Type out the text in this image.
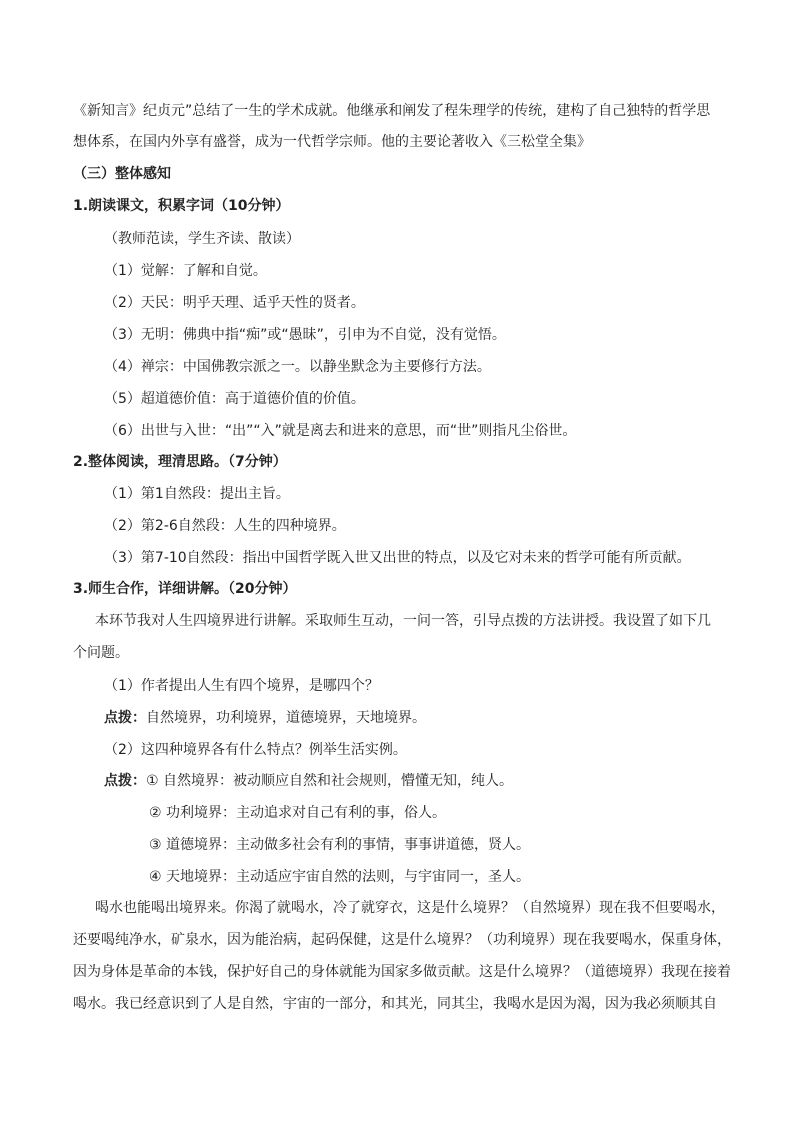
《新知言》纪贞元”总结了一生的学术成就。他继承和阐发了程朱理学的传统，建构了自己独特的哲学思
想体系，在国内外享有盛誉，成为一代哲学宗师。他的主要论著收入《三松堂全集》
（三）整体感知
1.朗读课文，积累字词（10分钟）
（教师范读，学生齐读、散读）
（1）觉解：了解和自觉。
（2）天民：明乎天理、适乎天性的贤者。
（3）无明：佛典中指“痴”或“愚昧”，引申为不自觉，没有觉悟。
（4）禅宗：中国佛教宗派之一。以静坐默念为主要修行方法。
（5）超道德价值：高于道德价值的价值。
（6）出世与入世：“出”“入”就是离去和进来的意思，而“世”则指凡尘俗世。
2.整体阅读，理清思路。（7分钟）
（1）第1自然段：提出主旨。
（2）第2-6自然段：人生的四种境界。
（3）第7-10自然段：指出中国哲学既入世又出世的特点，以及它对未来的哲学可能有所贡献。
3.师生合作，详细讲解。（20分钟）
本环节我对人生四境界进行讲解。采取师生互动，一问一答，引导点拨的方法讲授。我设置了如下几
个问题。
（1）作者提出人生有四个境界，是哪四个？
点拨：自然境界，功利境界，道德境界，天地境界。
（2）这四种境界各有什么特点？例举生活实例。
点拨：① 自然境界：被动顺应自然和社会规则，懵懂无知，纯人。
② 功利境界：主动追求对自己有利的事，俗人。
③ 道德境界：主动做多社会有利的事情，事事讲道德，贤人。
④ 天地境界：主动适应宇宙自然的法则，与宇宙同一，圣人。
喝水也能喝出境界来。你渴了就喝水，冷了就穿衣，这是什么境界？（自然境界）现在我不但要喝水，
还要喝纯净水，矿泉水，因为能治病，起码保健，这是什么境界？（功利境界）现在我要喝水，保重身体，
因为身体是革命的本钱，保护好自己的身体就能为国家多做贡献。这是什么境界？（道德境界）我现在接着
喝水。我已经意识到了人是自然，宇宙的一部分，和其光，同其尘，我喝水是因为渴，因为我必须顺其自
